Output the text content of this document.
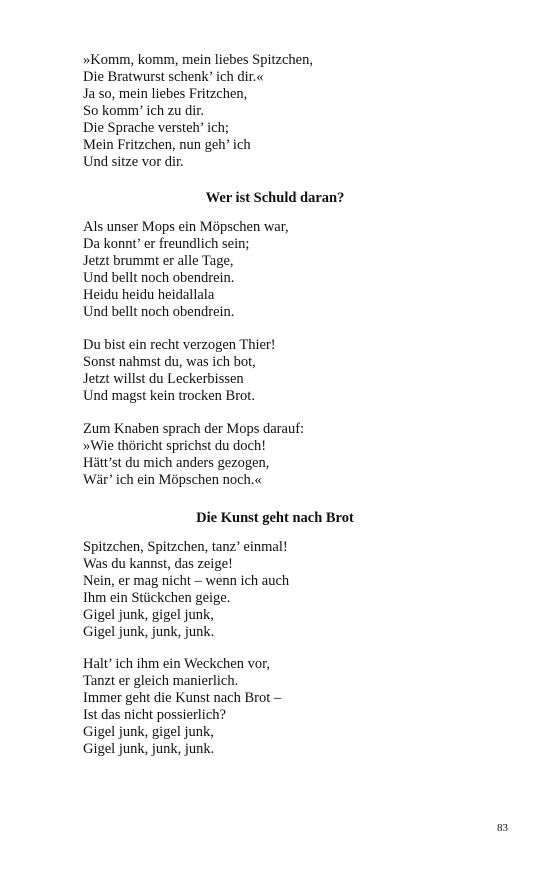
»Komm, komm, mein liebes Spitzchen,
Die Bratwurst schenk’ ich dir.«
Ja so, mein liebes Fritzchen,
So komm’ ich zu dir.
Die Sprache versteh’ ich;
Mein Fritzchen, nun geh’ ich
Und sitze vor dir.
Wer ist Schuld daran?
Als unser Mops ein Möpschen war,
Da konnt’ er freundlich sein;
Jetzt brummt er alle Tage,
Und bellt noch obendrein.
Heidu heidu heidallala
Und bellt noch obendrein.
Du bist ein recht verzogen Thier!
Sonst nahmst du, was ich bot,
Jetzt willst du Leckerbissen
Und magst kein trocken Brot.
Zum Knaben sprach der Mops darauf:
»Wie thöricht sprichst du doch!
Hätt’st du mich anders gezogen,
Wär’ ich ein Möpschen noch.«
Die Kunst geht nach Brot
Spitzchen, Spitzchen, tanz’ einmal!
Was du kannst, das zeige!
Nein, er mag nicht – wenn ich auch
Ihm ein Stückchen geige.
Gigel junk, gigel junk,
Gigel junk, junk, junk.
Halt’ ich ihm ein Weckchen vor,
Tanzt er gleich manierlich.
Immer geht die Kunst nach Brot –
Ist das nicht possierlich?
Gigel junk, gigel junk,
Gigel junk, junk, junk.
83
